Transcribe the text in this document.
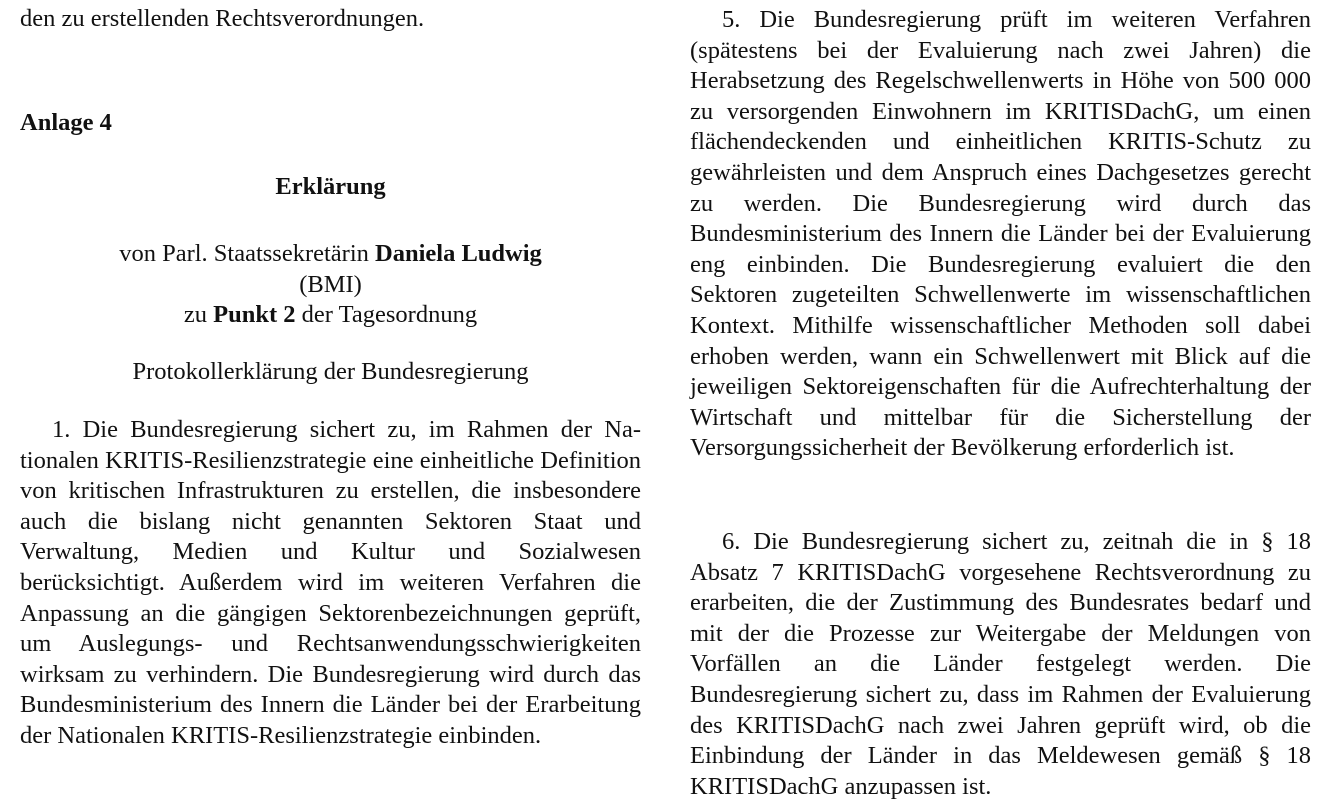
den zu erstellenden Rechtsverordnungen.

Anlage 4

Erklärung

von Parl. Staatssekretärin Daniela Ludwig
(BMI)
zu Punkt 2 der Tagesordnung

Protokollerklärung der Bundesregierung

1. Die Bundesregierung sichert zu, im Rahmen der Nationalen KRITIS-Resilienzstrategie eine einheitliche Definition von kritischen Infrastrukturen zu erstellen, die insbesondere auch die bislang nicht genannten Sektoren Staat und Verwaltung, Medien und Kultur und Sozialwesen berücksichtigt. Außerdem wird im weiteren Verfahren die Anpassung an die gängigen Sektorenbezeichnungen geprüft, um Auslegungs- und Rechtsanwendungsschwierigkeiten wirksam zu verhindern. Die Bundesregierung wird durch das Bundesministerium des Innern die Länder bei der Erarbeitung der Nationalen KRITIS-Resilienzstrategie einbinden.

5. Die Bundesregierung prüft im weiteren Verfahren (spätestens bei der Evaluierung nach zwei Jahren) die Herabsetzung des Regelschwellenwerts in Höhe von 500 000 zu versorgenden Einwohnern im KRITISDachG, um einen flächendeckenden und einheitlichen KRITIS-Schutz zu gewährleisten und dem Anspruch eines Dachgesetzes gerecht zu werden. Die Bundesregierung wird durch das Bundesministerium des Innern die Länder bei der Evaluierung eng einbinden. Die Bundesregierung evaluiert die den Sektoren zugeteilten Schwellenwerte im wissenschaftlichen Kontext. Mithilfe wissenschaftlicher Methoden soll dabei erhoben werden, wann ein Schwellenwert mit Blick auf die jeweiligen Sektoreigenschaften für die Aufrechterhaltung der Wirtschaft und mittelbar für die Sicherstellung der Versorgungssicherheit der Bevölkerung erforderlich ist.

6. Die Bundesregierung sichert zu, zeitnah die in § 18 Absatz 7 KRITISDachG vorgesehene Rechtsverordnung zu erarbeiten, die der Zustimmung des Bundesrates bedarf und mit der die Prozesse zur Weitergabe der Meldungen von Vorfällen an die Länder festgelegt werden. Die Bundesregierung sichert zu, dass im Rahmen der Evaluierung des KRITISDachG nach zwei Jahren geprüft wird, ob die Einbindung der Länder in das Meldewesen gemäß § 18 KRITISDachG anzupassen ist.
